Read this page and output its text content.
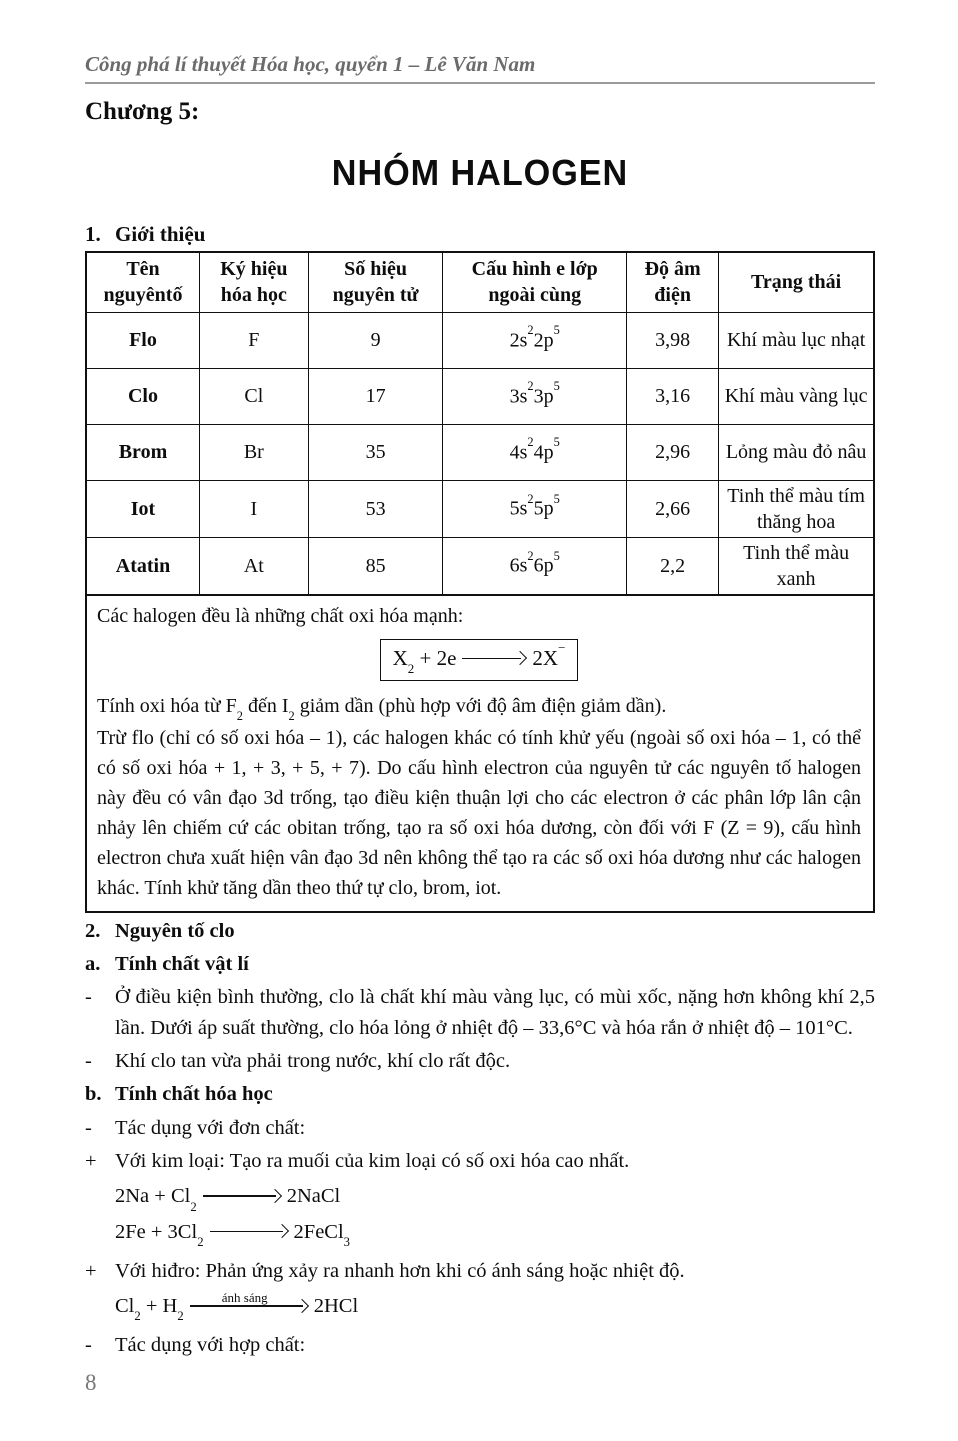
Công phá lí thuyết Hóa học, quyển 1 – Lê Văn Nam
Chương 5:
NHÓM HALOGEN
1. Giới thiệu
Tên nguyêntố	Ký hiệu hóa học	Số hiệu nguyên tử	Cấu hình e lớp ngoài cùng	Độ âm điện	Trạng thái
Flo	F	9	$2s^22p^5$	3,98	Khí màu lục nhạt
Clo	Cl	17	$3s^23p^5$	3,16	Khí màu vàng lục
Brom	Br	35	$4s^24p^5$	2,96	Lỏng màu đỏ nâu
Iot	I	53	$5s^25p^5$	2,66	Tinh thể màu tím thăng hoa
Atatin	At	85	$6s^26p^5$	2,2	Tinh thể màu xanh
Các halogen đều là những chất oxi hóa mạnh:
$X_2 + 2e$	2X−
Tính oxi hóa từ $F_2$ đến $I_2$ giảm dần (phù hợp với độ âm điện giảm dần).
Trừ flo (chỉ có số oxi hóa – 1), các halogen khác có tính khử yếu (ngoài số oxi hóa – 1, có thể có số oxi hóa + 1, + 3, + 5, + 7). Do cấu hình electron của nguyên tử các nguyên tố halogen này đều có vân đạo 3d trống, tạo điều kiện thuận lợi cho các electron ở các phân lớp lân cận nhảy lên chiếm cứ các obitan trống, tạo ra số oxi hóa dương, còn đối với F (Z = 9), cấu hình electron chưa xuất hiện vân đạo 3d nên không thể tạo ra các số oxi hóa dương như các halogen khác. Tính khử tăng dần theo thứ tự clo, brom, iot.
2. Nguyên tố clo
a. Tính chất vật lí
-	Ở điều kiện bình thường, clo là chất khí màu vàng lục, có mùi xốc, nặng hơn không khí 2,5 lần. Dưới áp suất thường, clo hóa lỏng ở nhiệt độ – 33,6°C và hóa rắn ở nhiệt độ – 101°C.
-	Khí clo tan vừa phải trong nước, khí clo rất độc.
b. Tính chất hóa học
-	Tác dụng với đơn chất:
+ Với kim loại: Tạo ra muối của kim loại có số oxi hóa cao nhất.
$2Na + Cl_2$	2NaCl
$2Fe + 3Cl_2$	2FeCl$_3$
+ Với hiđro: Phản ứng xảy ra nhanh hơn khi có ánh sáng hoặc nhiệt độ.
$Cl_2 + H_2$
ánh sáng	2HCl
-	Tác dụng với hợp chất:
8
